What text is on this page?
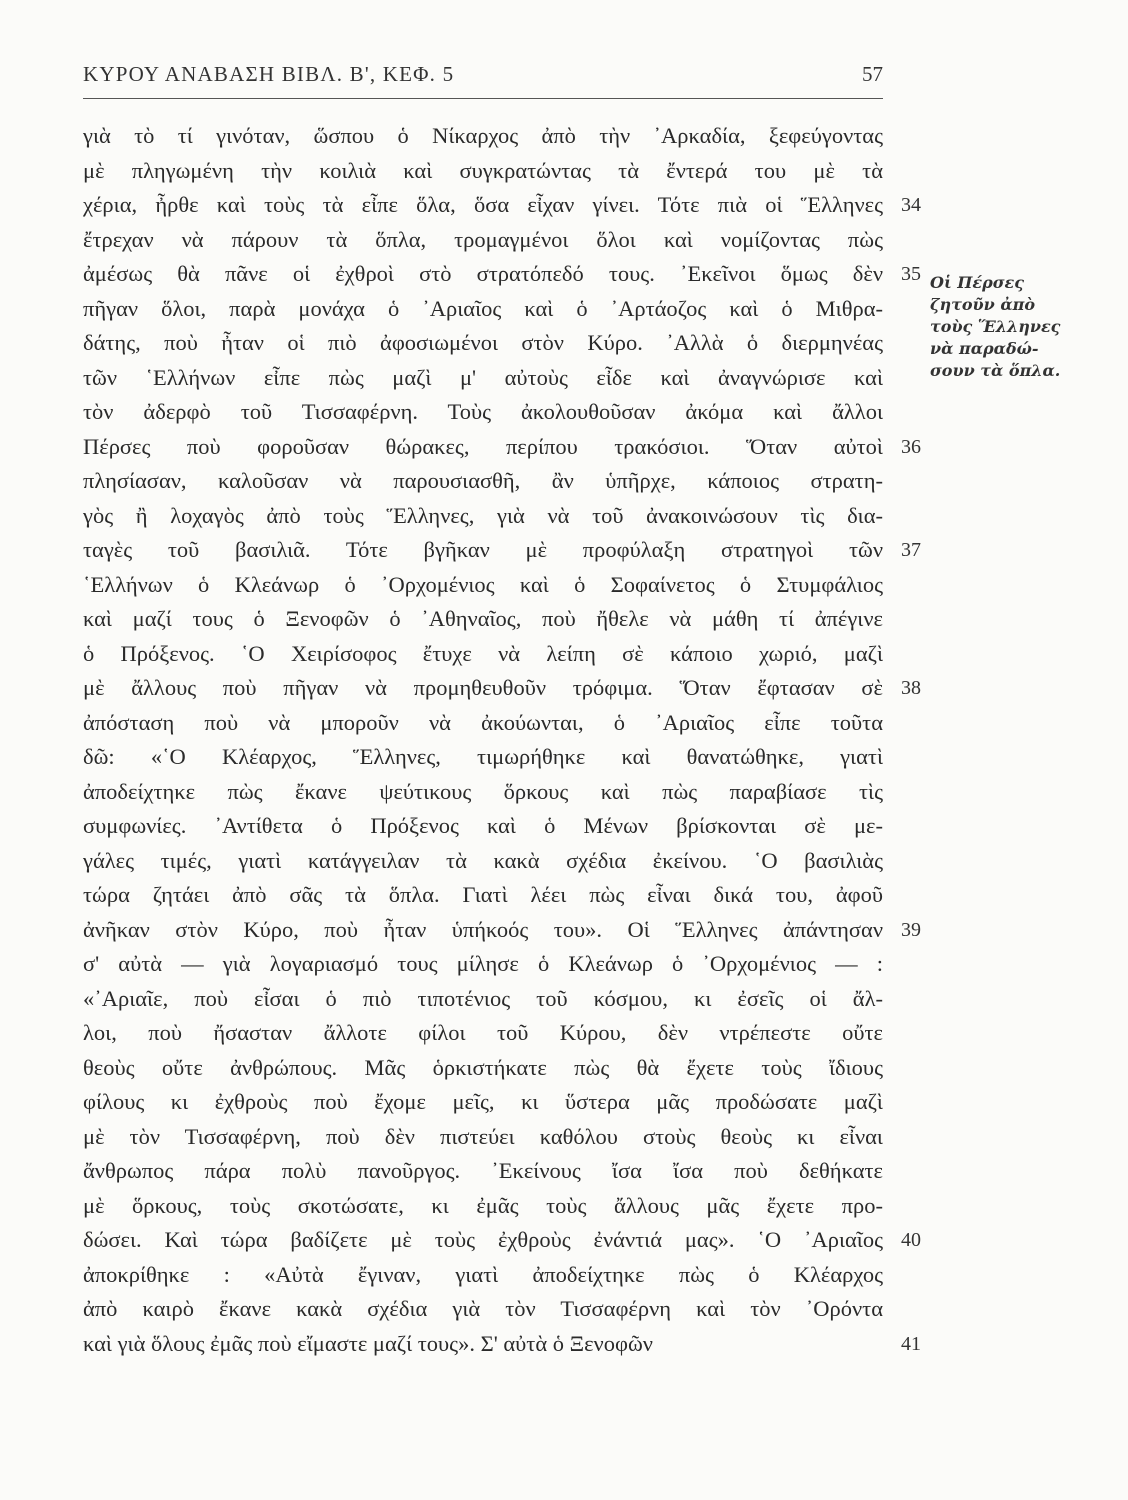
ΚΥΡΟΥ ΑΝΑΒΑΣΗ ΒΙΒΛ. Β', ΚΕΦ. 5	57
γιὰ τὸ τί γινόταν, ὥσπου ὁ Νίκαρχος ἀπὸ τὴν ᾿Αρκαδία, ξεφεύγοντας
μὲ πληγωμένη τὴν κοιλιὰ καὶ συγκρατώντας τὰ ἔντερά του μὲ τὰ
χέρια, ἦρθε καὶ τοὺς τὰ εἶπε ὅλα, ὅσα εἶχαν γίνει. Τότε πιὰ οἱ Ἕλληνες 34
ἔτρεχαν νὰ πάρουν τὰ ὅπλα, τρομαγμένοι ὅλοι καὶ νομίζοντας πὼς
ἀμέσως θὰ πᾶνε οἱ ἐχθροὶ στὸ στρατόπεδό τους. ᾿Εκεῖνοι ὅμως δὲν 35
πῆγαν ὅλοι, παρὰ μονάχα ὁ ᾿Αριαῖος καὶ ὁ ᾿Αρτάοζος καὶ ὁ Μιθρα-
δάτης, ποὺ ἦταν οἱ πιὸ ἀφοσιωμένοι στὸν Κύρο. ᾿Αλλὰ ὁ διερμηνέας
τῶν ῾Ελλήνων εἶπε πὼς μαζὶ μ' αὐτοὺς εἶδε καὶ ἀναγνώρισε καὶ
τὸν ἀδερφὸ τοῦ Τισσαφέρνη. Τοὺς ἀκολουθοῦσαν ἀκόμα καὶ ἄλλοι
Πέρσες ποὺ φοροῦσαν θώρακες, περίπου τρακόσιοι. Ὅταν αὐτοὶ 36
πλησίασαν, καλοῦσαν νὰ παρουσιασθῆ, ἂν ὑπῆρχε, κάποιος στρατη-
γὸς ἢ λοχαγὸς ἀπὸ τοὺς Ἕλληνες, γιὰ νὰ τοῦ ἀνακοινώσουν τὶς δια-
ταγὲς τοῦ βασιλιᾶ. Τότε βγῆκαν μὲ προφύλαξη στρατηγοὶ τῶν 37
῾Ελλήνων ὁ Κλεάνωρ ὁ ᾿Ορχομένιος καὶ ὁ Σοφαίνετος ὁ Στυμφάλιος
καὶ μαζί τους ὁ Ξενοφῶν ὁ ᾿Αθηναῖος, ποὺ ἤθελε νὰ μάθη τί ἀπέγινε
ὁ Πρόξενος. ῾Ο Χειρίσοφος ἔτυχε νὰ λείπη σὲ κάποιο χωριό, μαζὶ
μὲ ἄλλους ποὺ πῆγαν νὰ προμηθευθοῦν τρόφιμα. Ὅταν ἔφτασαν σὲ 38
ἀπόσταση ποὺ νὰ μποροῦν νὰ ἀκούωνται, ὁ ᾿Αριαῖος εἶπε τοῦτα
δῶ: «῾Ο Κλέαρχος, Ἕλληνες, τιμωρήθηκε καὶ θανατώθηκε, γιατὶ
ἀποδείχτηκε πὼς ἔκανε ψεύτικους ὅρκους καὶ πὼς παραβίασε τὶς
συμφωνίες. ᾿Αντίθετα ὁ Πρόξενος καὶ ὁ Μένων βρίσκονται σὲ με-
γάλες τιμές, γιατὶ κατάγγειλαν τὰ κακὰ σχέδια ἐκείνου. ῾Ο βασιλιὰς
τώρα ζητάει ἀπὸ σᾶς τὰ ὅπλα. Γιατὶ λέει πὼς εἶναι δικά του, ἀφοῦ
ἀνῆκαν στὸν Κύρο, ποὺ ἦταν ὑπήκοός του». Οἱ Ἕλληνες ἀπάντησαν 39
σ' αὐτὰ — γιὰ λογαριασμό τους μίλησε ὁ Κλεάνωρ ὁ ᾿Ορχομένιος — :
«᾿Αριαῖε, ποὺ εἶσαι ὁ πιὸ τιποτένιος τοῦ κόσμου, κι ἐσεῖς οἱ ἄλ-
λοι, ποὺ ἤσασταν ἄλλοτε φίλοι τοῦ Κύρου, δὲν ντρέπεστε οὔτε
θεοὺς οὔτε ἀνθρώπους. Μᾶς ὁρκιστήκατε πὼς θὰ ἔχετε τοὺς ἴδιους
φίλους κι ἐχθροὺς ποὺ ἔχομε μεῖς, κι ὕστερα μᾶς προδώσατε μαζὶ
μὲ τὸν Τισσαφέρνη, ποὺ δὲν πιστεύει καθόλου στοὺς θεοὺς κι εἶναι
ἄνθρωπος πάρα πολὺ πανοῦργος. ᾿Εκείνους ἴσα ἴσα ποὺ δεθήκατε
μὲ ὅρκους, τοὺς σκοτώσατε, κι ἐμᾶς τοὺς ἄλλους μᾶς ἔχετε προ-
δώσει. Καὶ τώρα βαδίζετε μὲ τοὺς ἐχθροὺς ἐνάντιά μας». ῾Ο ᾿Αριαῖος 40
ἀποκρίθηκε : «Αὐτὰ ἔγιναν, γιατὶ ἀποδείχτηκε πὼς ὁ Κλέαρχος
ἀπὸ καιρὸ ἔκανε κακὰ σχέδια γιὰ τὸν Τισσαφέρνη καὶ τὸν ᾿Ορόντα
καὶ γιὰ ὅλους ἐμᾶς ποὺ εἴμαστε μαζί τους». Σ' αὐτὰ ὁ Ξενοφῶν	41
Οἱ Πέρσες
ζητοῦν ἀπὸ
τοὺς Ἕλληνες
νὰ παραδώ-
σουν τὰ ὅπλα.
